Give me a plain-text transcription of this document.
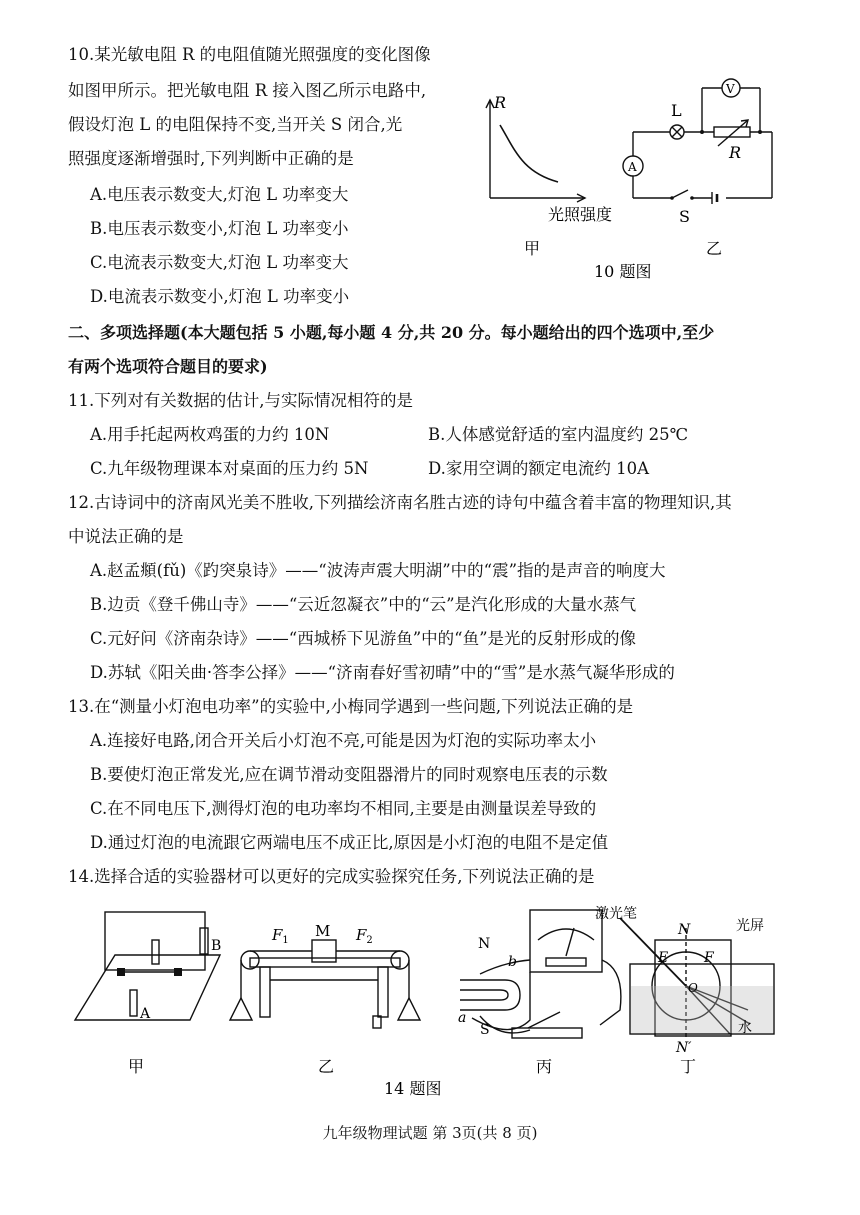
10.某光敏电阻 R 的电阻值随光照强度的变化图像
如图甲所示。把光敏电阻 R 接入图乙所示电路中,
假设灯泡 L 的电阻保持不变,当开关 S 闭合,光
照强度逐渐增强时,下列判断中正确的是
A.电压表示数变大,灯泡 L 功率变大
B.电压表示数变小,灯泡 L 功率变小
C.电流表示数变大,灯泡 L 功率变大
D.电流表示数变小,灯泡 L 功率变小
R
光照强度
甲
V
A
L
R
S
乙
10 题图
二、多项选择题(本大题包括 5 小题,每小题 4 分,共 20 分。每小题给出的四个选项中,至少
有两个选项符合题目的要求)
11.下列对有关数据的估计,与实际情况相符的是
A.用手托起两枚鸡蛋的力约 10N	B.人体感觉舒适的室内温度约 25℃
C.九年级物理课本对桌面的压力约 5N	D.家用空调的额定电流约 10A
12.古诗词中的济南风光美不胜收,下列描绘济南名胜古迹的诗句中蕴含着丰富的物理知识,其
中说法正确的是
A.赵孟頫(fǔ)《趵突泉诗》——“波涛声震大明湖”中的“震”指的是声音的响度大
B.边贡《登千佛山寺》——“云近忽凝衣”中的“云”是汽化形成的大量水蒸气
C.元好问《济南杂诗》——“西城桥下见游鱼”中的“鱼”是光的反射形成的像
D.苏轼《阳关曲·答李公择》——“济南春好雪初晴”中的“雪”是水蒸气凝华形成的
13.在“测量小灯泡电功率”的实验中,小梅同学遇到一些问题,下列说法正确的是
A.连接好电路,闭合开关后小灯泡不亮,可能是因为灯泡的实际功率太小
B.要使灯泡正常发光,应在调节滑动变阻器滑片的同时观察电压表的示数
C.在不同电压下,测得灯泡的电功率均不相同,主要是由测量误差导致的
D.通过灯泡的电流跟它两端电压不成正比,原因是小灯泡的电阻不是定值
14.选择合适的实验器材可以更好的完成实验探究任务,下列说法正确的是
A
B
$F_1$
M $F_2$	N
S
a
b
激光笔
光屏
N
N′
E	F
O
水
甲	乙	丙	丁
14 题图
九年级物理试题 第 3页(共 8 页)
